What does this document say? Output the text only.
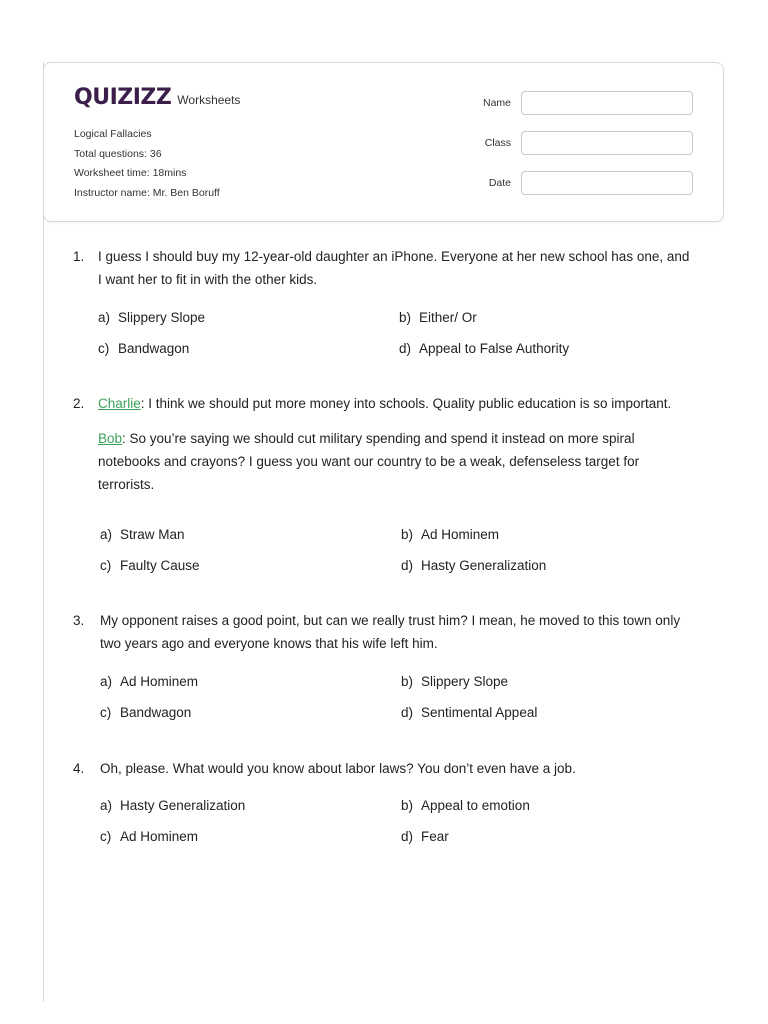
QUIZIZZ Worksheets
Logical Fallacies
Total questions: 36
Worksheet time: 18mins
Instructor name: Mr. Ben Boruff
Name
Class
Date
1. I guess I should buy my 12-year-old daughter an iPhone. Everyone at her new school has one, and I want her to fit in with the other kids.
a) Slippery Slope	b) Either/ Or
c) Bandwagon	d) Appeal to False Authority
2. Charlie: I think we should put more money into schools. Quality public education is so important.
Bob: So you’re saying we should cut military spending and spend it instead on more spiral notebooks and crayons? I guess you want our country to be a weak, defenseless target for terrorists.
a) Straw Man	b) Ad Hominem
c) Faulty Cause	d) Hasty Generalization
3. My opponent raises a good point, but can we really trust him? I mean, he moved to this town only two years ago and everyone knows that his wife left him.
a) Ad Hominem	b) Slippery Slope
c) Bandwagon	d) Sentimental Appeal
4. Oh, please. What would you know about labor laws? You don’t even have a job.
a) Hasty Generalization	b) Appeal to emotion
c) Ad Hominem	d) Fear
